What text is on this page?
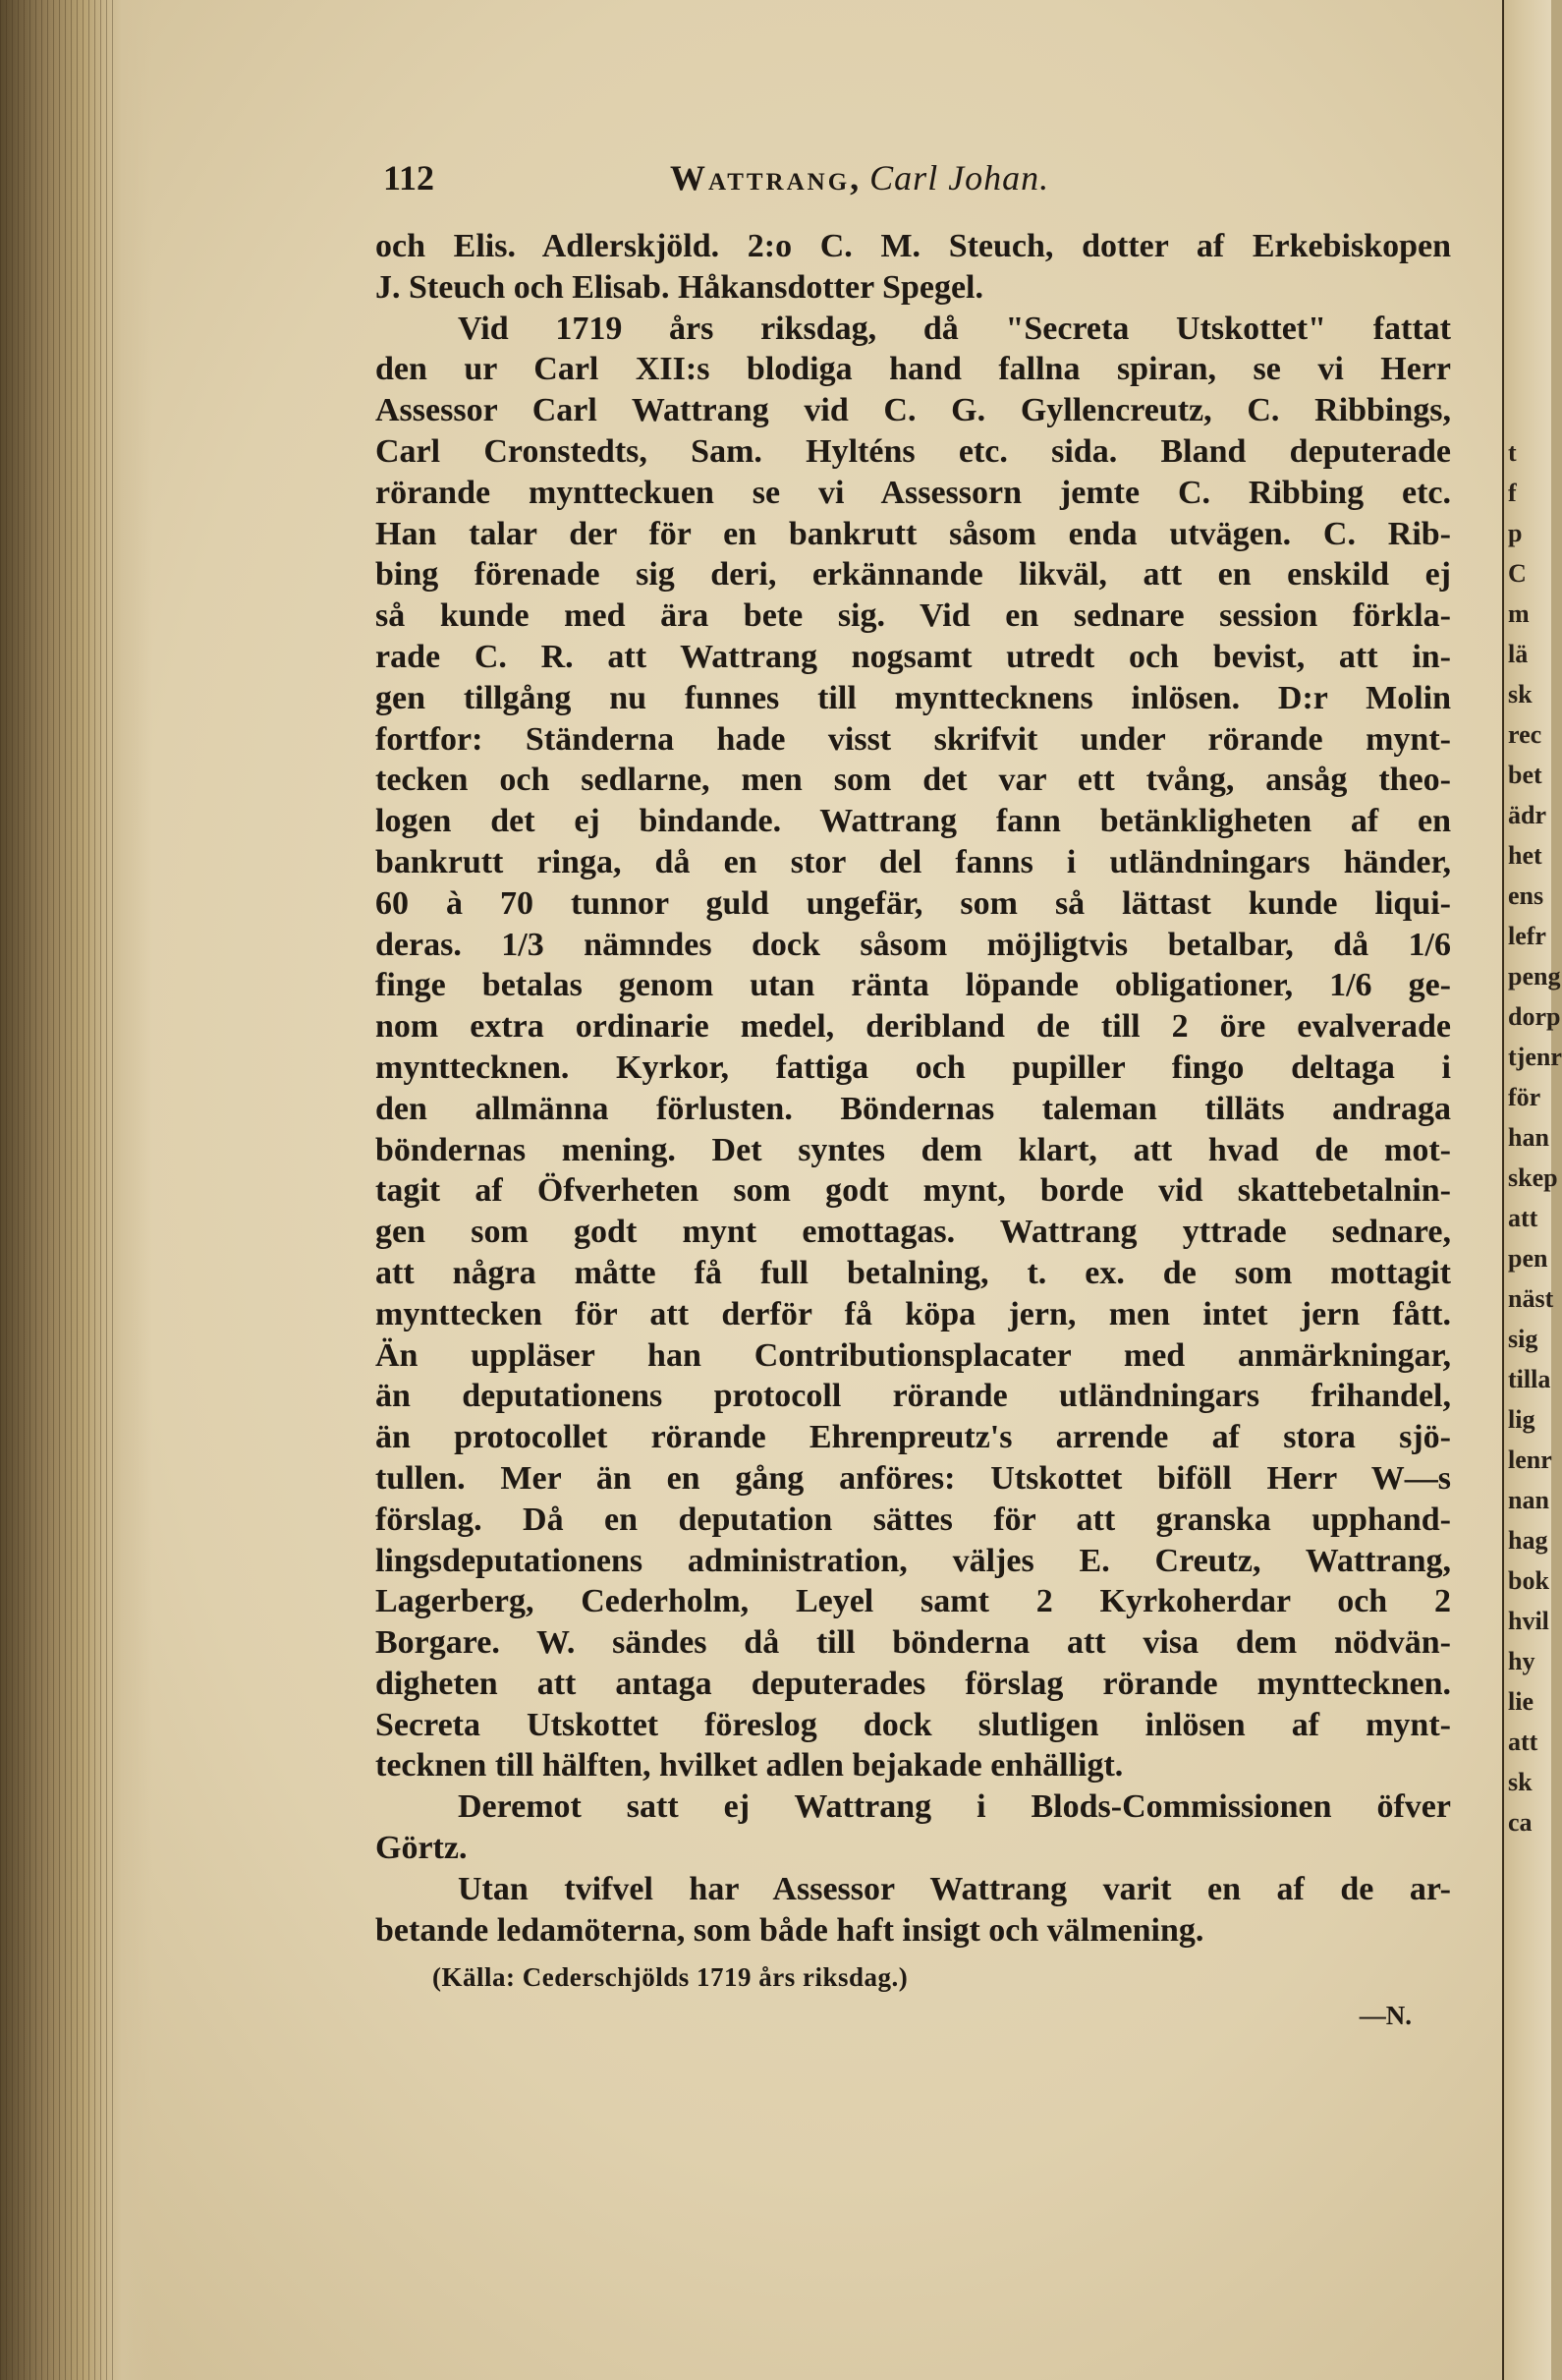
112	Wattrang, Carl Johan.
och Elis. Adlerskjöld. 2:o C. M. Steuch, dotter af Erkebiskopen
J. Steuch och Elisab. Håkansdotter Spegel.
Vid 1719 års riksdag, då "Secreta Utskottet" fattat
den ur Carl XII:s blodiga hand fallna spiran, se vi Herr
Assessor Carl Wattrang vid C. G. Gyllencreutz, C. Ribbings,
Carl Cronstedts, Sam. Hylténs etc. sida. Bland deputerade
rörande myntteckuen se vi Assessorn jemte C. Ribbing etc.
Han talar der för en bankrutt såsom enda utvägen. C. Rib-
bing förenade sig deri, erkännande likväl, att en enskild ej
så kunde med ära bete sig. Vid en sednare session förkla-
rade C. R. att Wattrang nogsamt utredt och bevist, att in-
gen tillgång nu funnes till mynttecknens inlösen. D:r Molin
fortfor: Ständerna hade visst skrifvit under rörande mynt-
tecken och sedlarne, men som det var ett tvång, ansåg theo-
logen det ej bindande. Wattrang fann betänkligheten af en
bankrutt ringa, då en stor del fanns i utländningars händer,
60 à 70 tunnor guld ungefär, som så lättast kunde liqui-
deras. 1/3 nämndes dock såsom möjligtvis betalbar, då 1/6
finge betalas genom utan ränta löpande obligationer, 1/6 ge-
nom extra ordinarie medel, deribland de till 2 öre evalverade
mynttecknen. Kyrkor, fattiga och pupiller fingo deltaga i
den allmänna förlusten. Böndernas taleman tilläts andraga
böndernas mening. Det syntes dem klart, att hvad de mot-
tagit af Öfverheten som godt mynt, borde vid skattebetalnin-
gen som godt mynt emottagas. Wattrang yttrade sednare,
att några måtte få full betalning, t. ex. de som mottagit
mynttecken för att derför få köpa jern, men intet jern fått.
Än uppläser han Contributionsplacater med anmärkningar,
än deputationens protocoll rörande utländningars frihandel,
än protocollet rörande Ehrenpreutz's arrende af stora sjö-
tullen. Mer än en gång anföres: Utskottet biföll Herr W—s
förslag. Då en deputation sättes för att granska upphand-
lingsdeputationens administration, väljes E. Creutz, Wattrang,
Lagerberg, Cederholm, Leyel samt 2 Kyrkoherdar och 2
Borgare. W. sändes då till bönderna att visa dem nödvän-
digheten att antaga deputerades förslag rörande mynttecknen.
Secreta Utskottet föreslog dock slutligen inlösen af mynt-
tecknen till hälften, hvilket adlen bejakade enhälligt.
Deremot satt ej Wattrang i Blods-Commissionen öfver
Görtz.
Utan tvifvel har Assessor Wattrang varit en af de ar-
betande ledamöterna, som både haft insigt och välmening.
(Källa: Cederschjölds 1719 års riksdag.)
—N.
t
f
p
C
m
lä
sk
rec
bet
ädr
het
ens
lefr
peng
dorp
tjenr
för
han
skep
att
pen
näst
sig
tilla
lig
lenr
nan
hag
bok
hvil
hy
lie
att
sk
ca
